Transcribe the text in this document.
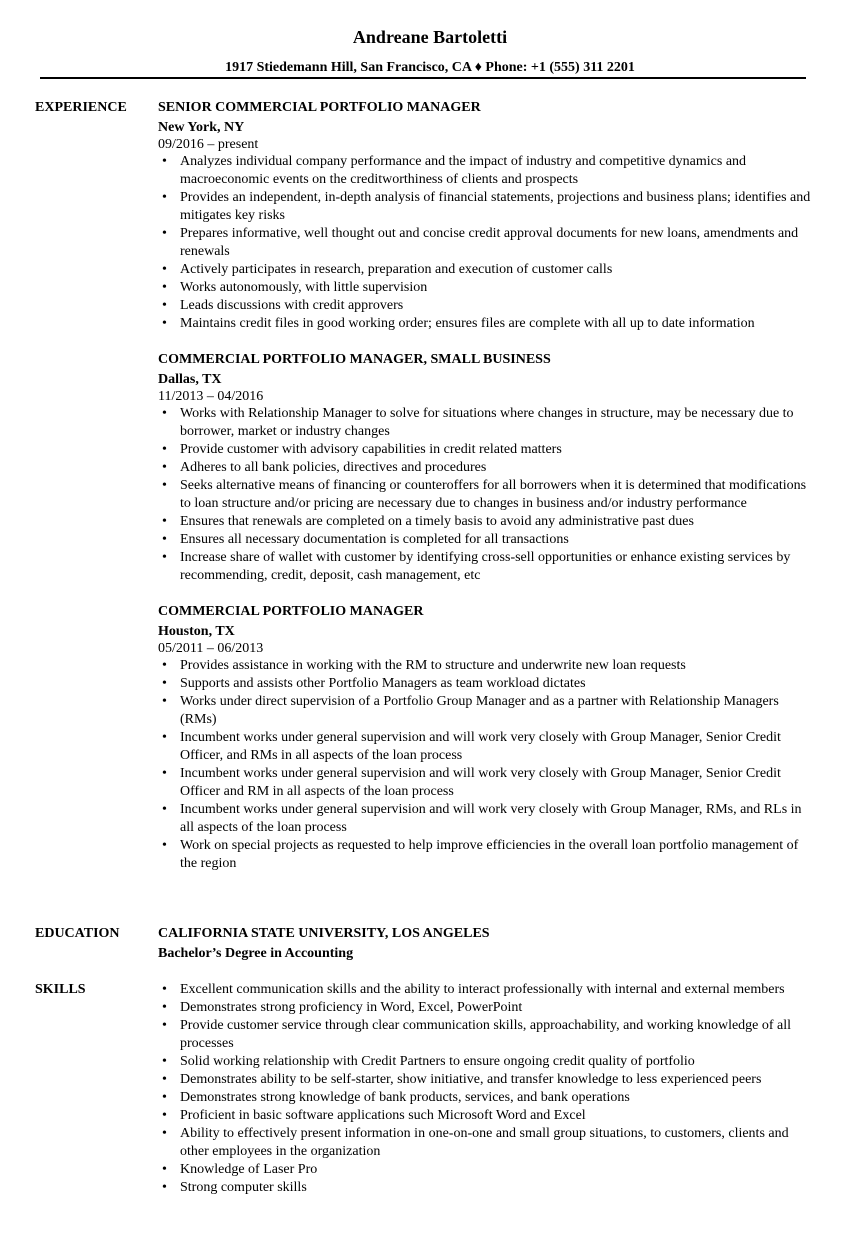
Andreane Bartoletti
1917 Stiedemann Hill, San Francisco, CA ♦ Phone: +1 (555) 311 2201
EXPERIENCE SENIOR COMMERCIAL PORTFOLIO MANAGER
New York, NY
09/2016 – present
• Analyzes individual company performance and the impact of industry and competitive dynamics and macroeconomic events on the creditworthiness of clients and prospects
• Provides an independent, in-depth analysis of financial statements, projections and business plans; identifies and mitigates key risks
• Prepares informative, well thought out and concise credit approval documents for new loans, amendments and renewals
• Actively participates in research, preparation and execution of customer calls
• Works autonomously, with little supervision
• Leads discussions with credit approvers
• Maintains credit files in good working order; ensures files are complete with all up to date information
COMMERCIAL PORTFOLIO MANAGER, SMALL BUSINESS
Dallas, TX
11/2013 – 04/2016
• Works with Relationship Manager to solve for situations where changes in structure, may be necessary due to borrower, market or industry changes
• Provide customer with advisory capabilities in credit related matters
• Adheres to all bank policies, directives and procedures
• Seeks alternative means of financing or counteroffers for all borrowers when it is determined that modifications to loan structure and/or pricing are necessary due to changes in business and/or industry performance
• Ensures that renewals are completed on a timely basis to avoid any administrative past dues
• Ensures all necessary documentation is completed for all transactions
• Increase share of wallet with customer by identifying cross-sell opportunities or enhance existing services by recommending, credit, deposit, cash management, etc
COMMERCIAL PORTFOLIO MANAGER
Houston, TX
05/2011 – 06/2013
• Provides assistance in working with the RM to structure and underwrite new loan requests
• Supports and assists other Portfolio Managers as team workload dictates
• Works under direct supervision of a Portfolio Group Manager and as a partner with Relationship Managers (RMs)
• Incumbent works under general supervision and will work very closely with Group Manager, Senior Credit Officer, and RMs in all aspects of the loan process
• Incumbent works under general supervision and will work very closely with Group Manager, Senior Credit Officer and RM in all aspects of the loan process
• Incumbent works under general supervision and will work very closely with Group Manager, RMs, and RLs in all aspects of the loan process
• Work on special projects as requested to help improve efficiencies in the overall loan portfolio management of the region
EDUCATION	CALIFORNIA STATE UNIVERSITY, LOS ANGELES
Bachelor’s Degree in Accounting
SKILLS	• Excellent communication skills and the ability to interact professionally with internal and external members
• Demonstrates strong proficiency in Word, Excel, PowerPoint
• Provide customer service through clear communication skills, approachability, and working knowledge of all processes
• Solid working relationship with Credit Partners to ensure ongoing credit quality of portfolio
• Demonstrates ability to be self-starter, show initiative, and transfer knowledge to less experienced peers
• Demonstrates strong knowledge of bank products, services, and bank operations
• Proficient in basic software applications such Microsoft Word and Excel
• Ability to effectively present information in one-on-one and small group situations, to customers, clients and other employees in the organization
• Knowledge of Laser Pro
• Strong computer skills
